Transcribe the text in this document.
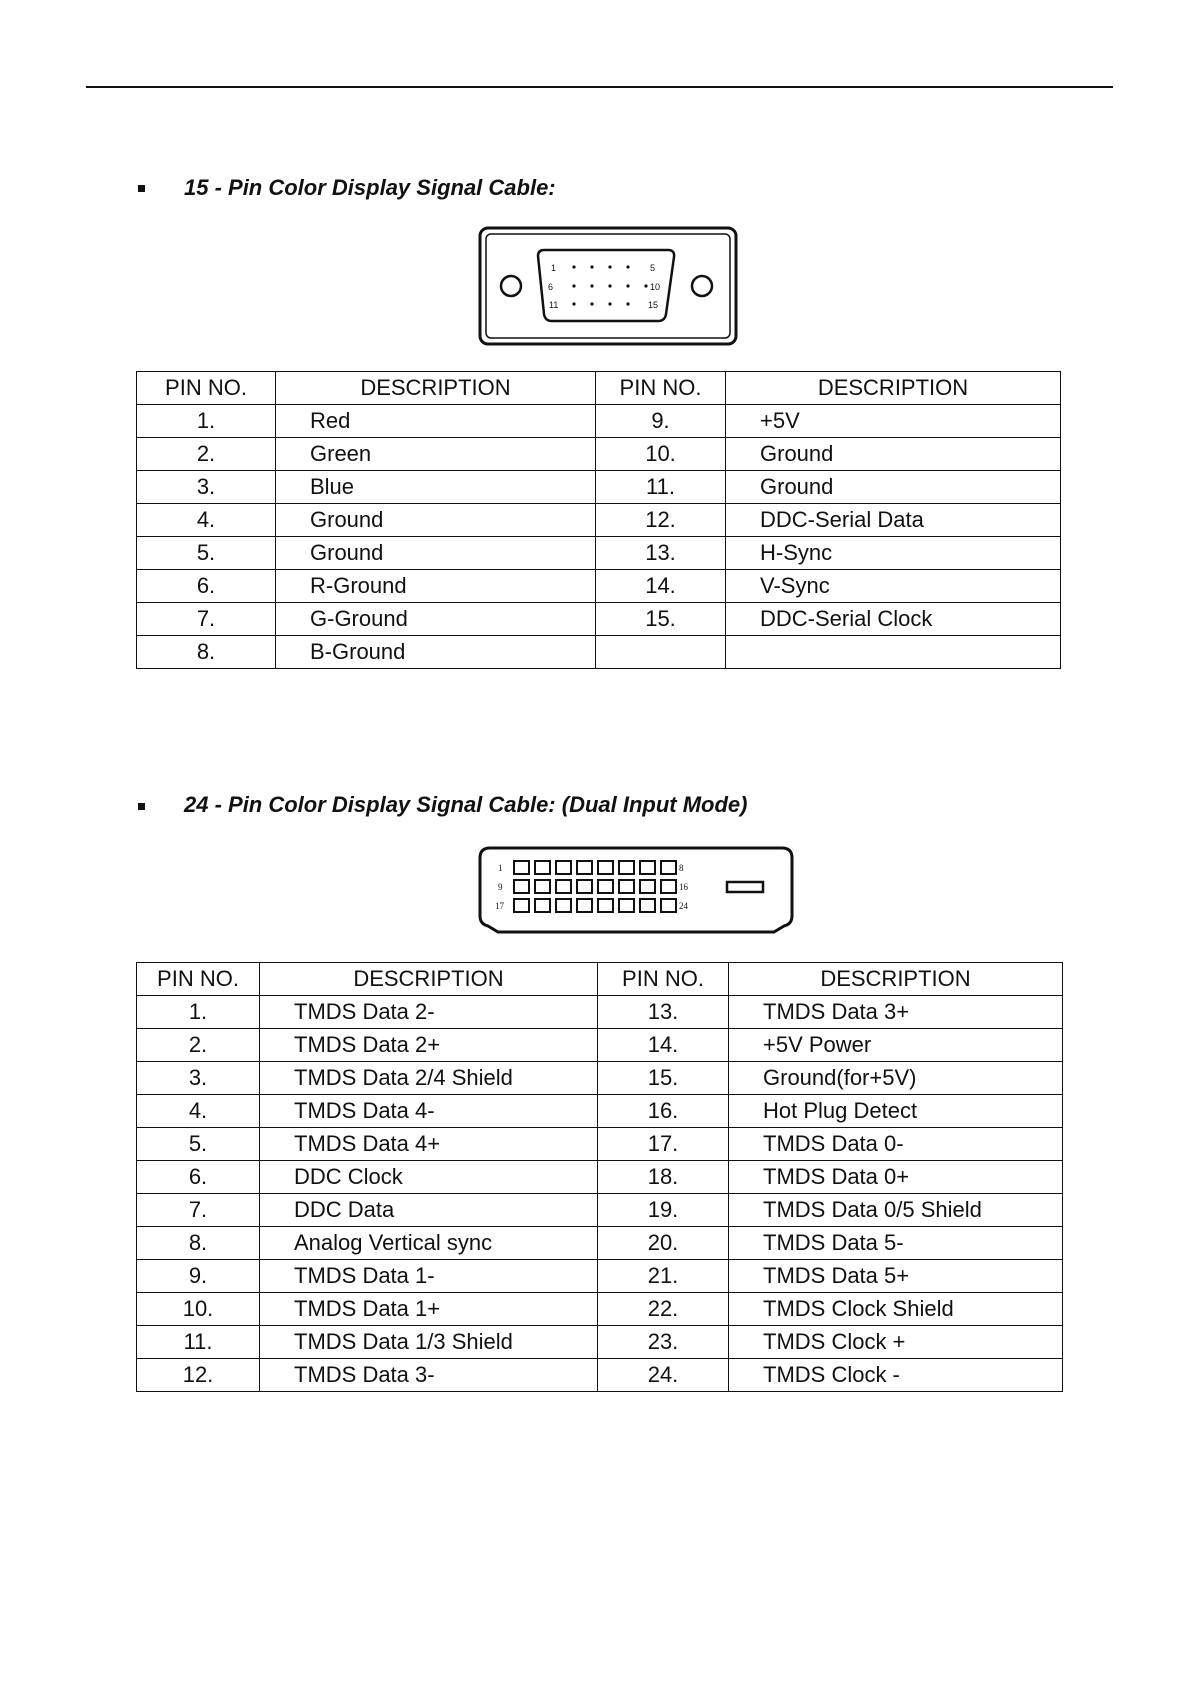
15 - Pin Color Display Signal Cable:
1	5
6	10
11	15
PIN NO.	DESCRIPTION	PIN NO.	DESCRIPTION
1.	Red	9.	+5V
2.	Green	10.	Ground
3.	Blue	11.	Ground
4.	Ground	12.	DDC-Serial Data
5.	Ground	13.	H-Sync
6.	R-Ground	14.	V-Sync
7.	G-Ground	15.	DDC-Serial Clock
8.	B-Ground		
24 - Pin Color Display Signal Cable: (Dual Input Mode)
1	8
9	16
17	24
PIN NO.	DESCRIPTION	PIN NO.	DESCRIPTION
1.	TMDS Data 2-	13.	TMDS Data 3+
2.	TMDS Data 2+	14.	+5V Power
3.	TMDS Data 2/4 Shield	15.	Ground(for+5V)
4.	TMDS Data 4-	16.	Hot Plug Detect
5.	TMDS Data 4+	17.	TMDS Data 0-
6.	DDC Clock	18.	TMDS Data 0+
7.	DDC Data	19.	TMDS Data 0/5 Shield
8.	Analog Vertical sync	20.	TMDS Data 5-
9.	TMDS Data 1-	21.	TMDS Data 5+
10.	TMDS Data 1+	22.	TMDS Clock Shield
11.	TMDS Data 1/3 Shield	23.	TMDS Clock +
12.	TMDS Data 3-	24.	TMDS Clock -
